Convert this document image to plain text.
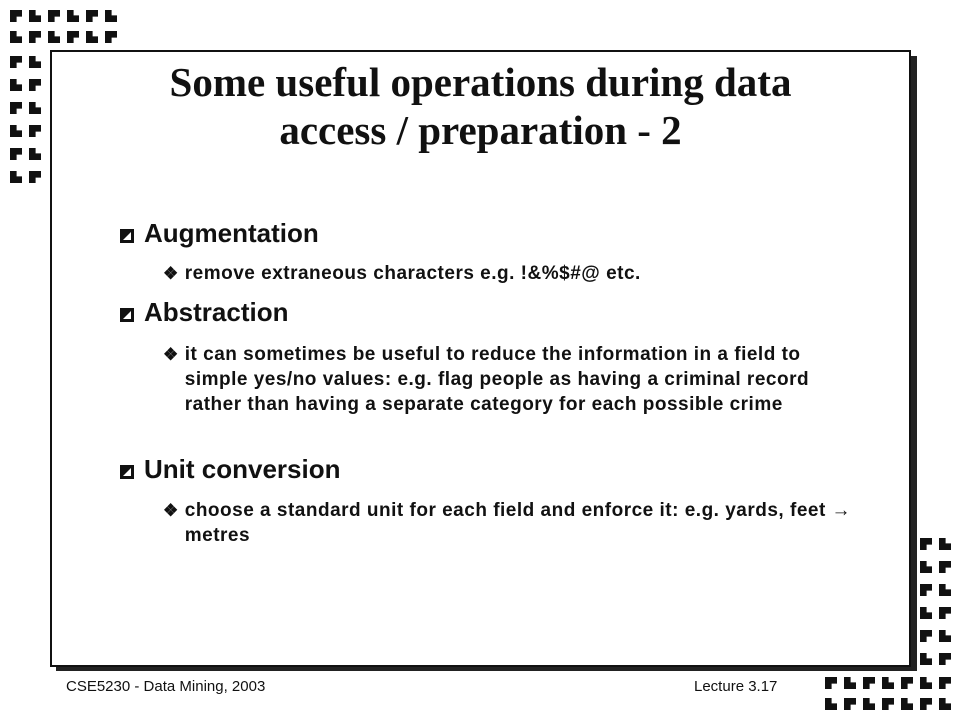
Some useful operations during data
access / preparation - 2
Augmentation
❖ remove extraneous characters e.g. !&%$#@ etc.
Abstraction
❖ it can sometimes be useful to reduce the information in a field to simple yes/no values: e.g. flag people as having a criminal record rather than having a separate category for each possible crime
Unit conversion
❖ choose a standard unit for each field and enforce it: e.g. yards, feet → metres
CSE5230 - Data Mining, 2003	Lecture 3.17
